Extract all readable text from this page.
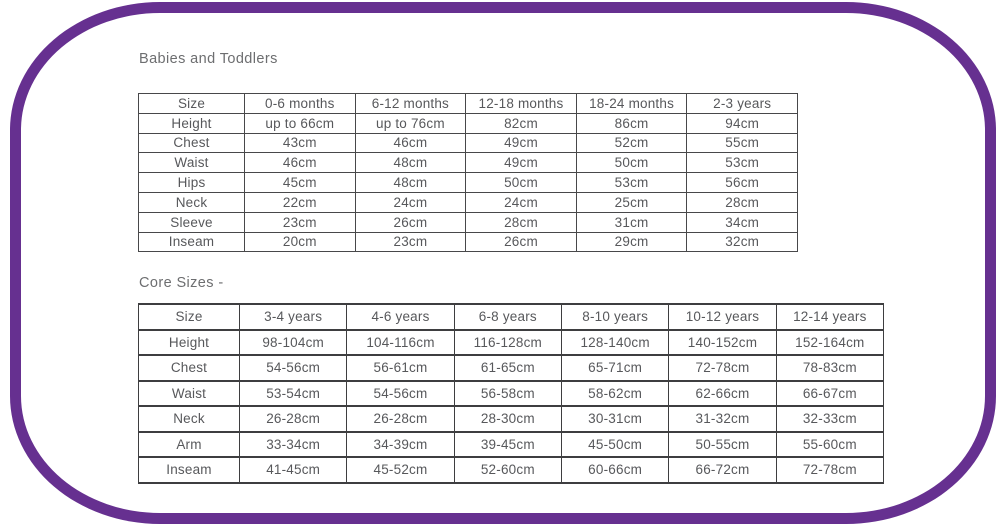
Babies and Toddlers
Size	0-6 months	6-12 months	12-18 months	18-24 months	2-3 years
Height	up to 66cm	up to 76cm	82cm	86cm	94cm
Chest	43cm	46cm	49cm	52cm	55cm
Waist	46cm	48cm	49cm	50cm	53cm
Hips	45cm	48cm	50cm	53cm	56cm
Neck	22cm	24cm	24cm	25cm	28cm
Sleeve	23cm	26cm	28cm	31cm	34cm
Inseam	20cm	23cm	26cm	29cm	32cm
Core Sizes -
Size	3-4 years	4-6 years	6-8 years	8-10 years	10-12 years	12-14 years
Height	98-104cm	104-116cm	116-128cm	128-140cm	140-152cm	152-164cm
Chest	54-56cm	56-61cm	61-65cm	65-71cm	72-78cm	78-83cm
Waist	53-54cm	54-56cm	56-58cm	58-62cm	62-66cm	66-67cm
Neck	26-28cm	26-28cm	28-30cm	30-31cm	31-32cm	32-33cm
Arm	33-34cm	34-39cm	39-45cm	45-50cm	50-55cm	55-60cm
Inseam	41-45cm	45-52cm	52-60cm	60-66cm	66-72cm	72-78cm
